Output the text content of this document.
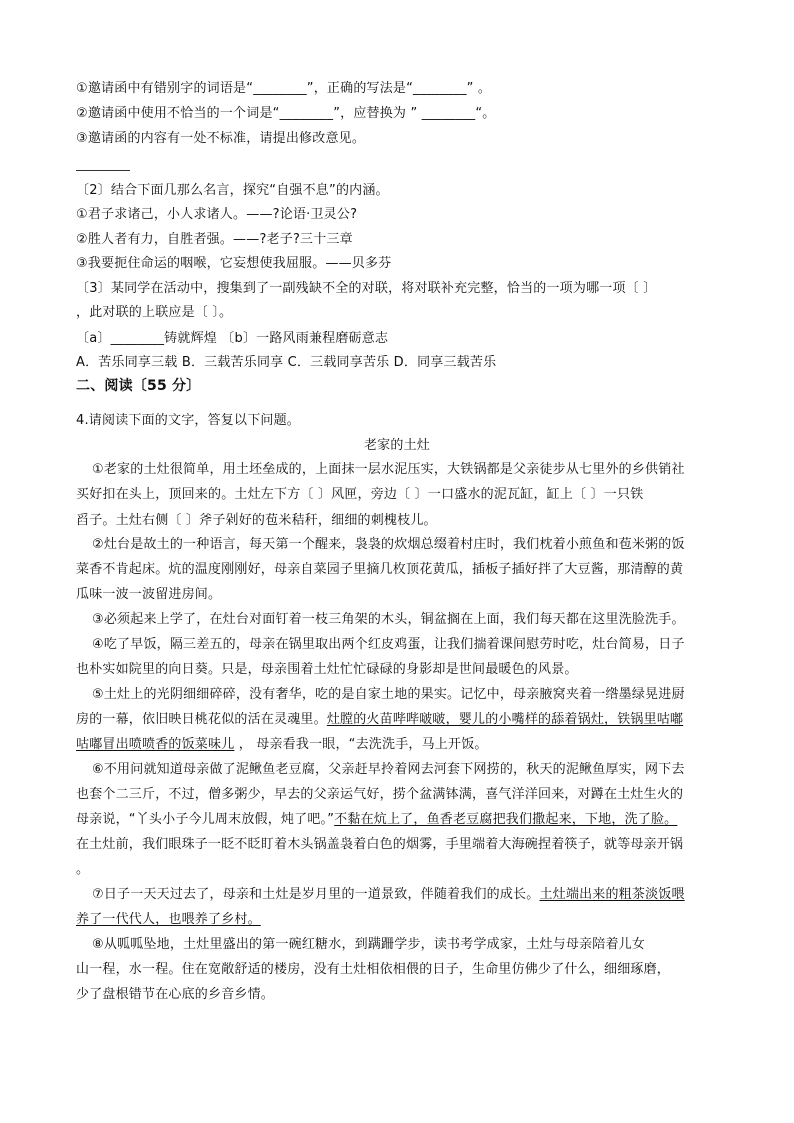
①邀请函中有错别字的词语是“________”，正确的写法是“________” 。
②邀请函中使用不恰当的一个词是“________”，应替换为 ” ________“。
③邀请函的内容有一处不标准，请提出修改意见。
〔2〕结合下面几那么名言，探究“自强不息”的内涵。
①君子求诸己，小人求诸人。——?论语·卫灵公?
②胜人者有力，自胜者强。——?老子?三十三章
③我要扼住命运的咽喉，它妄想使我屈服。——贝多芬
〔3〕某同学在活动中，搜集到了一副残缺不全的对联，将对联补充完整，恰当的一项为哪一项〔 〕
，此对联的上联应是〔 〕。
〔a〕________铸就辉煌 〔b〕一路风雨兼程磨砺意志
A．苦乐同享三载 B．三载苦乐同享 C．三载同享苦乐 D．同享三载苦乐
二、阅读〔55 分〕
4.请阅读下面的文字，答复以下问题。
老家的土灶
①老家的土灶很简单，用土坯垒成的，上面抹一层水泥压实，大铁锅都是父亲徒步从七里外的乡供销社
买好扣在头上，顶回来的。土灶左下方〔 〕风匣，旁边〔 〕一口盛水的泥瓦缸，缸上〔 〕一只铁
舀子。土灶右侧〔 〕斧子剁好的苞米秸秆，细细的刺槐枝儿。
②灶台是故土的一种语言，每天第一个醒来，袅袅的炊烟总缀着村庄时，我们枕着小煎鱼和苞米粥的饭
菜香不肯起床。炕的温度刚刚好，母亲自菜园子里摘几枚顶花黄瓜，插板子插好拌了大豆酱，那清醇的黄
瓜味一波一波留进房间。
③必须起来上学了，在灶台对面钉着一枝三角架的木头，铜盆搁在上面，我们每天都在这里洗脸洗手。
④吃了早饭，隔三差五的，母亲在锅里取出两个红皮鸡蛋，让我们揣着课间慰劳时吃，灶台简易，日子
也朴实如院里的向日葵。只是，母亲围着土灶忙忙碌碌的身影却是世间最暖色的风景。
⑤土灶上的光阴细细碎碎，没有奢华，吃的是自家土地的果实。记忆中，母亲腋窝夹着一绺墨绿晃进厨
房的一幕，依旧映日桃花似的活在灵魂里。灶膛的火苗哔哔啵啵，婴儿的小嘴样的舔着锅灶，铁锅里咕嘟
咕嘟冒出喷喷香的饭菜味儿 ， 母亲看我一眼，“去洗洗手，马上开饭。
⑥不用问就知道母亲做了泥鳅鱼老豆腐，父亲赶早拎着网去河套下网捞的，秋天的泥鳅鱼厚实，网下去
也套个二三斤，不过，僧多粥少，早去的父亲运气好，捞个盆满钵满，喜气洋洋回来，对蹲在土灶生火的
母亲说，“丫头小子今儿周末放假，炖了吧。”不黏在炕上了，鱼香老豆腐把我们撒起来，下地，洗了脸。
在土灶前，我们眼珠子一眨不眨盯着木头锅盖袅着白色的烟雾，手里端着大海碗捏着筷子，就等母亲开锅
。
⑦日子一天天过去了，母亲和土灶是岁月里的一道景致，伴随着我们的成长。土灶端出来的粗茶淡饭喂
养了一代代人，也喂养了乡村。
⑧从呱呱坠地，土灶里盛出的第一碗红糖水，到蹒跚学步，读书考学成家，土灶与母亲陪着儿女
山一程，水一程。住在宽敞舒适的楼房，没有土灶相依相偎的日子，生命里仿佛少了什么，细细琢磨，
少了盘根错节在心底的乡音乡情。
